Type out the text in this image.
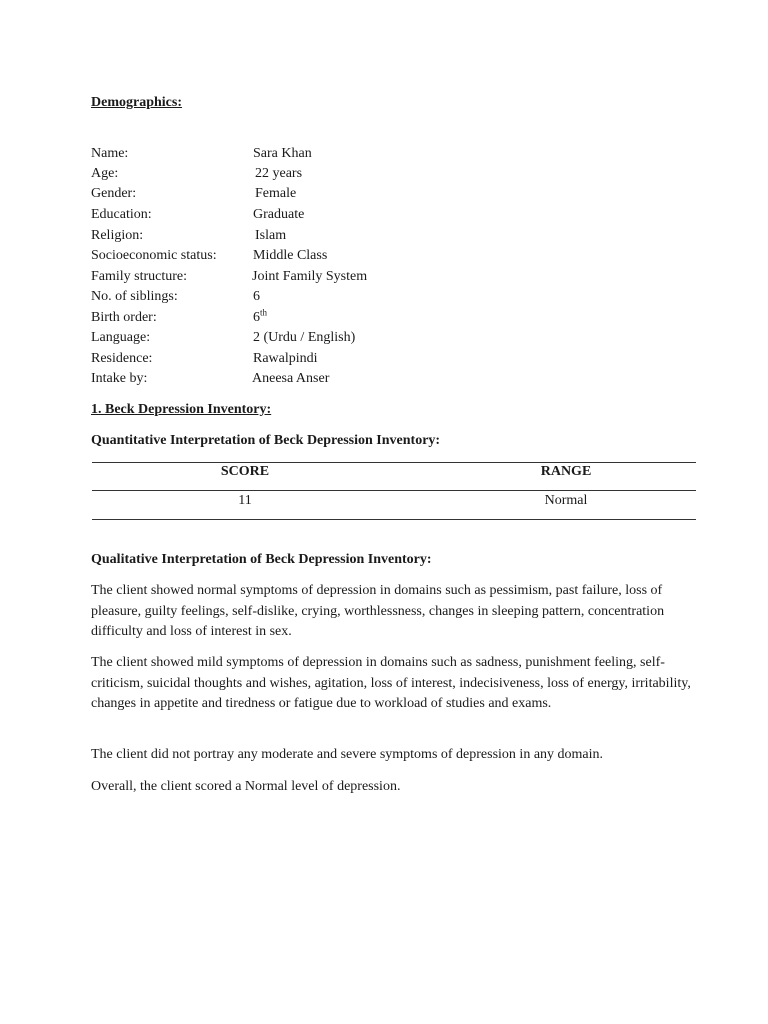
Demographics:
Name:	Sara Khan
Age:	22 years
Gender:	Female
Education:	Graduate
Religion:	Islam
Socioeconomic status:	Middle Class
Family structure:	Joint Family System
No. of siblings:	6
Birth order:	6th
Language:	2 (Urdu / English)
Residence:	Rawalpindi
Intake by:	Aneesa Anser
1. Beck Depression Inventory:
Quantitative Interpretation of Beck Depression Inventory:
SCORE	RANGE
11	Normal
Qualitative Interpretation of Beck Depression Inventory:
The client showed normal symptoms of depression in domains such as pessimism, past failure, loss of pleasure, guilty feelings, self-dislike, crying, worthlessness, changes in sleeping pattern, concentration difficulty and loss of interest in sex.
The client showed mild symptoms of depression in domains such as sadness, punishment feeling, self-criticism, suicidal thoughts and wishes, agitation, loss of interest, indecisiveness, loss of energy, irritability, changes in appetite and tiredness or fatigue due to workload of studies and exams.
The client did not portray any moderate and severe symptoms of depression in any domain.
Overall, the client scored a Normal level of depression.
